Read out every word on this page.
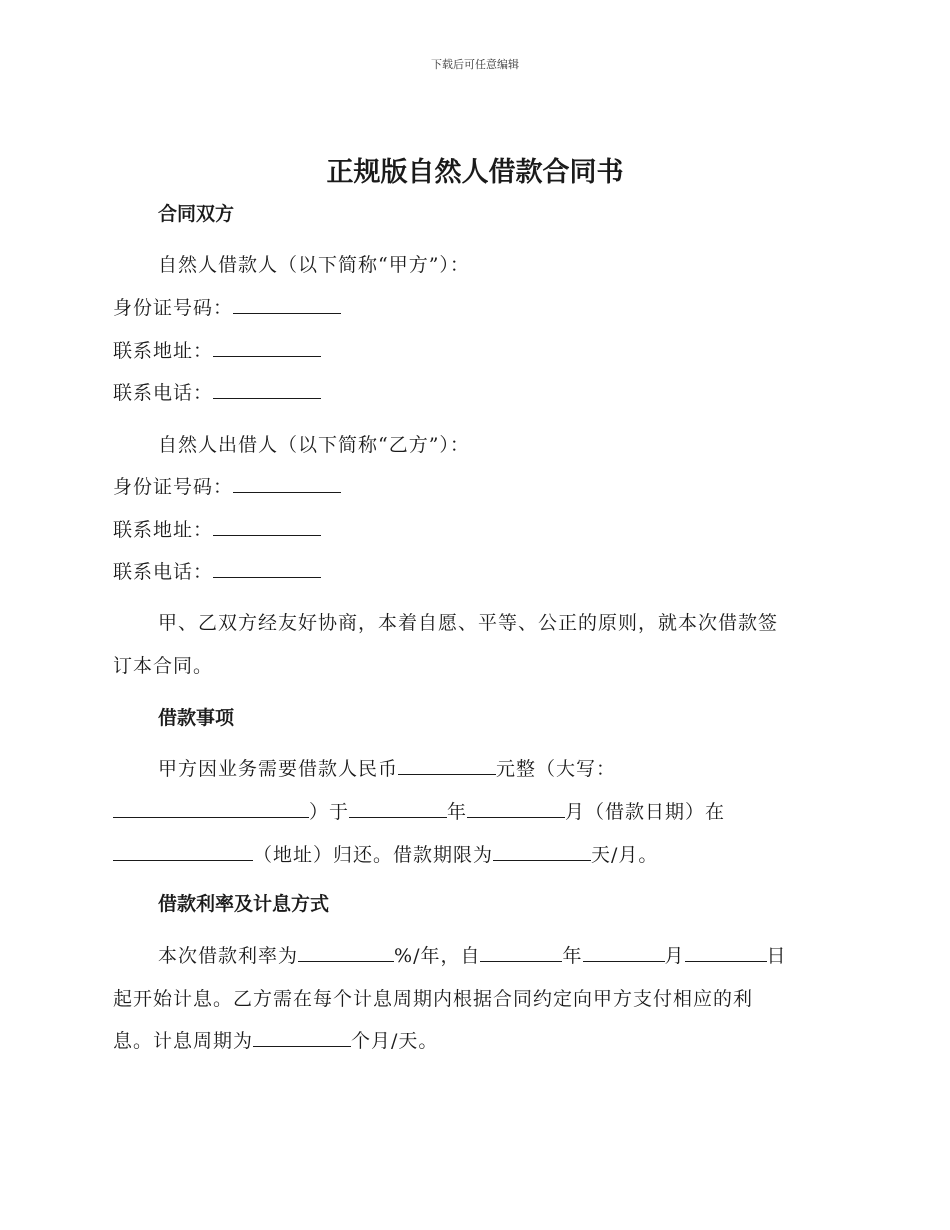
下载后可任意编辑
正规版自然人借款合同书
合同双方
自然人借款人（以下简称“甲方”）：
身份证号码：
联系地址：
联系电话：
自然人出借人（以下简称“乙方”）：
身份证号码：
联系地址：
联系电话：
甲、乙双方经友好协商，本着自愿、平等、公正的原则，就本次借款签
订本合同。
借款事项
甲方因业务需要借款人民币	元整（大写：
）于	年	月（借款日期）在
（地址）归还。借款期限为	天/月。
借款利率及计息方式
本次借款利率为	%/年，自	年	月	日
起开始计息。乙方需在每个计息周期内根据合同约定向甲方支付相应的利
息。计息周期为	个月/天。
